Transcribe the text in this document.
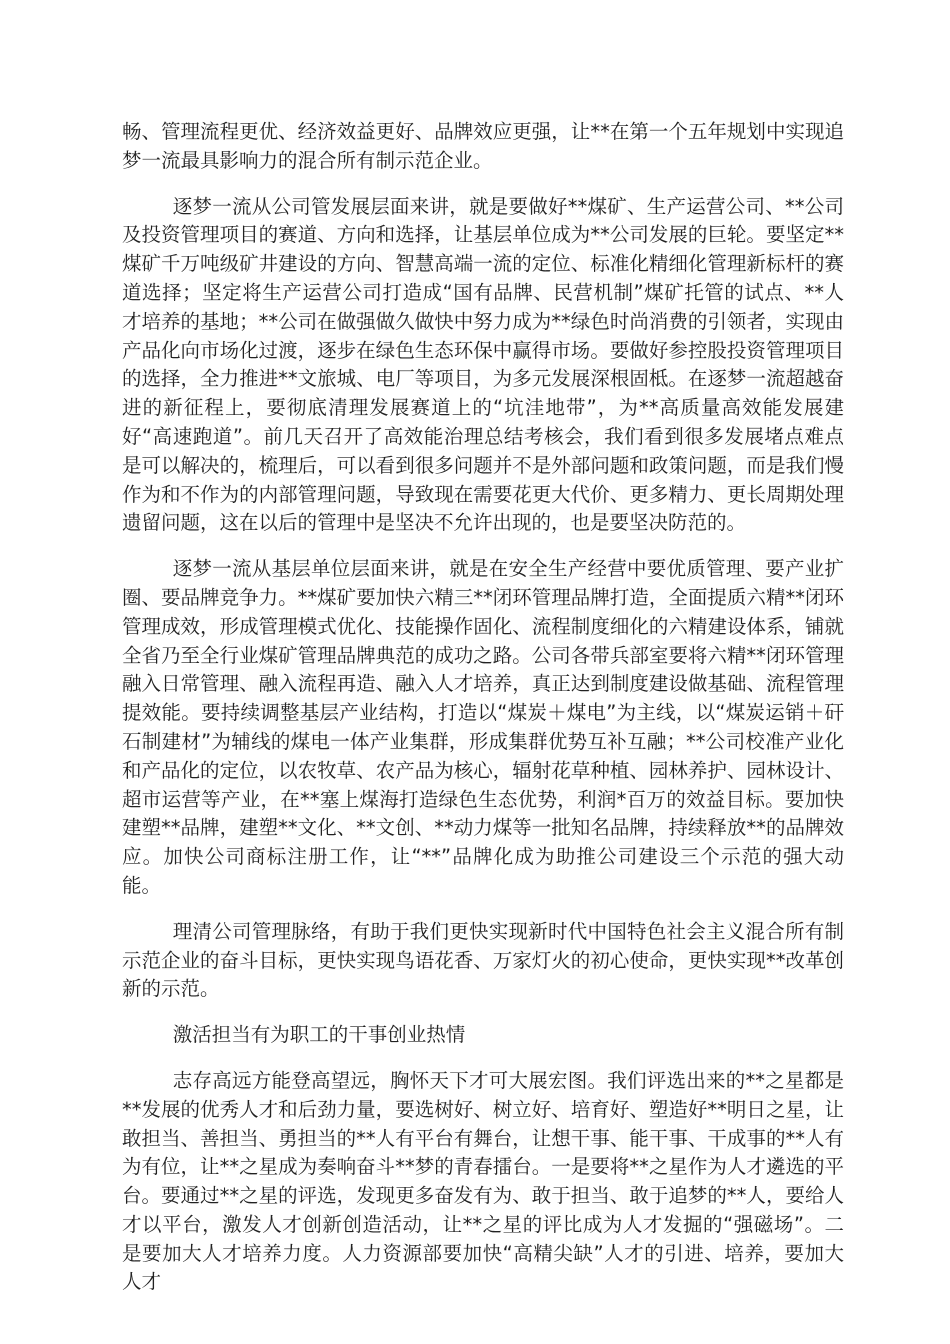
畅、管理流程更优、经济效益更好、品牌效应更强，让**在第一个五年规划中实现追梦一流最具影响力的混合所有制示范企业。

逐梦一流从公司管发展层面来讲，就是要做好**煤矿、生产运营公司、**公司及投资管理项目的赛道、方向和选择，让基层单位成为**公司发展的巨轮。要坚定**煤矿千万吨级矿井建设的方向、智慧高端一流的定位、标准化精细化管理新标杆的赛道选择；坚定将生产运营公司打造成“国有品牌、民营机制”煤矿托管的试点、**人才培养的基地；**公司在做强做久做快中努力成为**绿色时尚消费的引领者，实现由产品化向市场化过渡，逐步在绿色生态环保中赢得市场。要做好参控股投资管理项目的选择，全力推进**文旅城、电厂等项目，为多元发展深根固柢。在逐梦一流超越奋进的新征程上，要彻底清理发展赛道上的“坑洼地带”，为**高质量高效能发展建好“高速跑道”。前几天召开了高效能治理总结考核会，我们看到很多发展堵点难点是可以解决的，梳理后，可以看到很多问题并不是外部问题和政策问题，而是我们慢作为和不作为的内部管理问题，导致现在需要花更大代价、更多精力、更长周期处理遗留问题，这在以后的管理中是坚决不允许出现的，也是要坚决防范的。

逐梦一流从基层单位层面来讲，就是在安全生产经营中要优质管理、要产业扩圈、要品牌竞争力。**煤矿要加快六精三**闭环管理品牌打造，全面提质六精**闭环管理成效，形成管理模式优化、技能操作固化、流程制度细化的六精建设体系，铺就全省乃至全行业煤矿管理品牌典范的成功之路。公司各带兵部室要将六精**闭环管理融入日常管理、融入流程再造、融入人才培养，真正达到制度建设做基础、流程管理提效能。要持续调整基层产业结构，打造以“煤炭＋煤电”为主线，以“煤炭运销＋矸石制建材”为辅线的煤电一体产业集群，形成集群优势互补互融；**公司校准产业化和产品化的定位，以农牧草、农产品为核心，辐射花草种植、园林养护、园林设计、超市运营等产业，在**塞上煤海打造绿色生态优势，利润*百万的效益目标。要加快建塑**品牌，建塑**文化、**文创、**动力煤等一批知名品牌，持续释放**的品牌效应。加快公司商标注册工作，让“**”品牌化成为助推公司建设三个示范的强大动能。

理清公司管理脉络，有助于我们更快实现新时代中国特色社会主义混合所有制示范企业的奋斗目标，更快实现鸟语花香、万家灯火的初心使命，更快实现**改革创新的示范。

激活担当有为职工的干事创业热情

志存高远方能登高望远，胸怀天下才可大展宏图。我们评选出来的**之星都是**发展的优秀人才和后劲力量，要选树好、树立好、培育好、塑造好**明日之星，让敢担当、善担当、勇担当的**人有平台有舞台，让想干事、能干事、干成事的**人有为有位，让**之星成为奏响奋斗**梦的青春擂台。一是要将**之星作为人才遴选的平台。要通过**之星的评选，发现更多奋发有为、敢于担当、敢于追梦的**人，要给人才以平台，激发人才创新创造活动，让**之星的评比成为人才发掘的“强磁场”。二是要加大人才培养力度。人力资源部要加快“高精尖缺”人才的引进、培养，要加大人才
